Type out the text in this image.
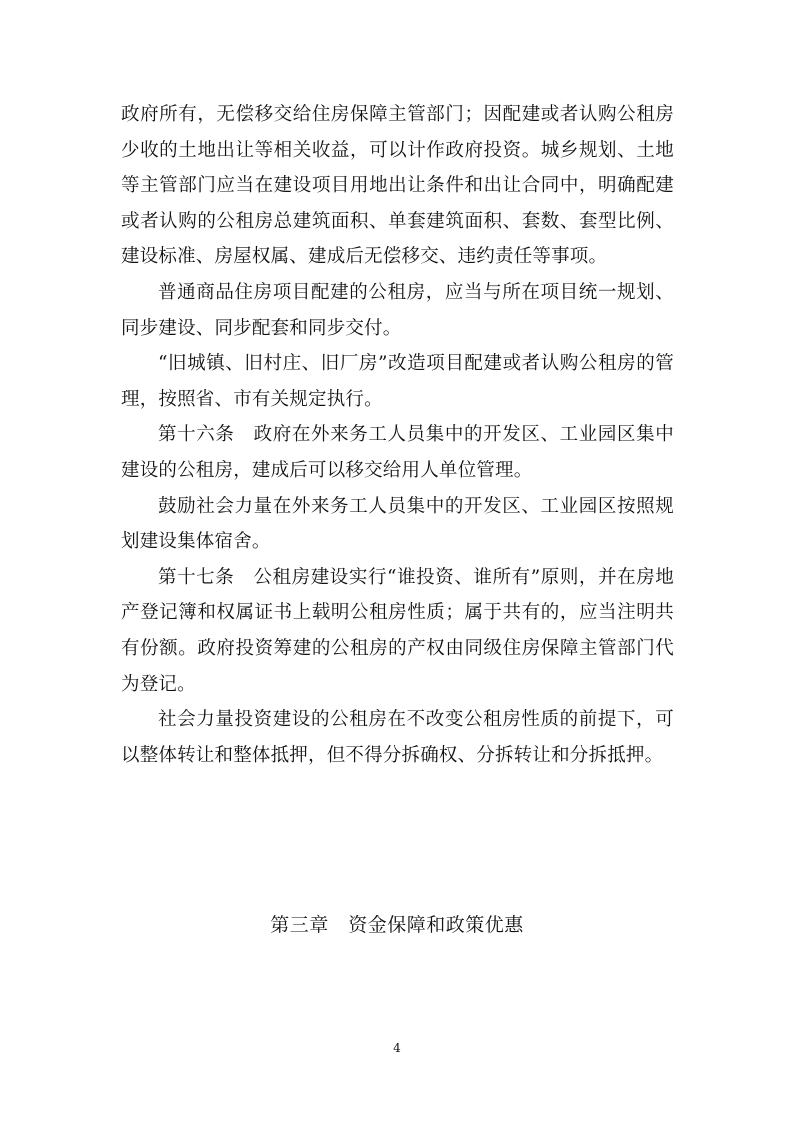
政府所有，无偿移交给住房保障主管部门；因配建或者认购公租房少收的土地出让等相关收益，可以计作政府投资。城乡规划、土地等主管部门应当在建设项目用地出让条件和出让合同中，明确配建或者认购的公租房总建筑面积、单套建筑面积、套数、套型比例、建设标准、房屋权属、建成后无偿移交、违约责任等事项。

普通商品住房项目配建的公租房，应当与所在项目统一规划、同步建设、同步配套和同步交付。

“旧城镇、旧村庄、旧厂房”改造项目配建或者认购公租房的管理，按照省、市有关规定执行。

第十六条　政府在外来务工人员集中的开发区、工业园区集中建设的公租房，建成后可以移交给用人单位管理。

鼓励社会力量在外来务工人员集中的开发区、工业园区按照规划建设集体宿舍。

第十七条　公租房建设实行“谁投资、谁所有”原则，并在房地产登记簿和权属证书上载明公租房性质；属于共有的，应当注明共有份额。政府投资筹建的公租房的产权由同级住房保障主管部门代为登记。

社会力量投资建设的公租房在不改变公租房性质的前提下，可以整体转让和整体抵押，但不得分拆确权、分拆转让和分拆抵押。

第三章　资金保障和政策优惠
4
